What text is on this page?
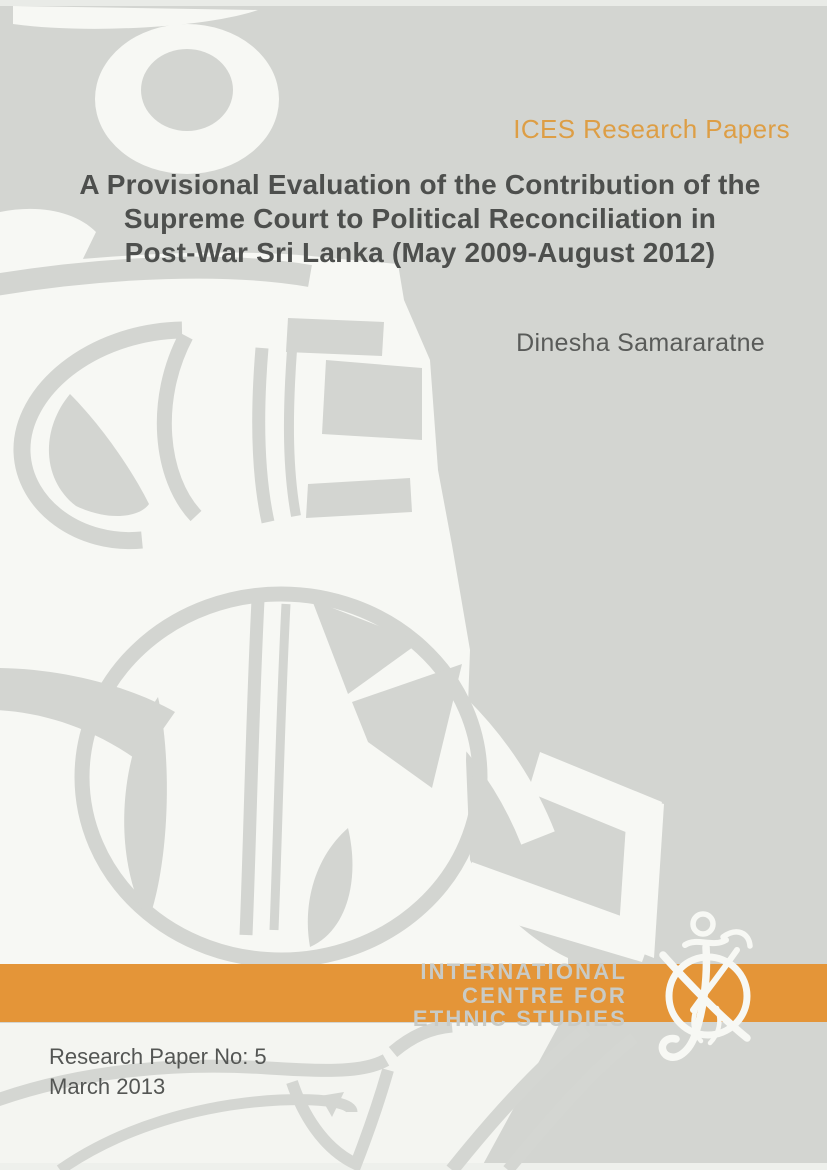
ICES Research Papers
A Provisional Evaluation of the Contribution of the
Supreme Court to Political Reconciliation in
Post-War Sri Lanka (May 2009-August 2012)
Dinesha Samararatne
INTERNATIONAL
CENTRE FOR
ETHNIC STUDIES
Research Paper No: 5
March 2013
